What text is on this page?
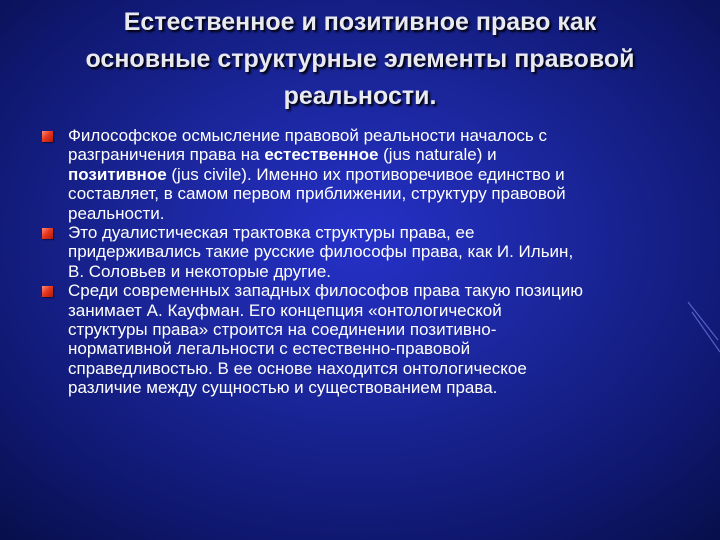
Естественное и позитивное право как
основные структурные элементы правовой
реальности.
Философское осмысление правовой реальности началось с
разграничения права на естественное (jus naturale) и
позитивное (jus civile). Именно их противоречивое единство и
составляет, в самом первом приближении, структуру правовой
реальности.
Это дуалистическая трактовка структуры права, ее
придерживались такие русские философы права, как И. Ильин,
В. Соловьев и некоторые другие.
Среди современных западных философов права такую позицию
занимает А. Кауфман. Его концепция «онтологической
структуры права» строится на соединении позитивно-
нормативной легальности с естественно-правовой
справедливостью. В ее основе находится онтологическое
различие между сущностью и существованием права.
